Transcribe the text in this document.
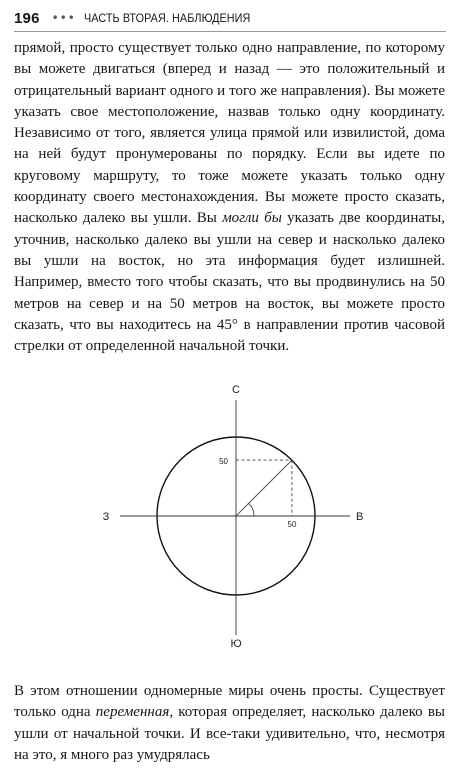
196 ••• ЧАСТЬ ВТОРАЯ. НАБЛЮДЕНИЯ

прямой, просто существует только одно направление, по которому вы можете двигаться (вперед и назад — это положительный и отрицательный вариант одного и того же направления). Вы можете указать свое местоположение, назвав только одну координату. Независимо от того, является улица прямой или извилистой, дома на ней будут пронумерованы по порядку. Если вы идете по круговому маршруту, то тоже можете указать только одну координату своего местонахождения. Вы можете просто сказать, насколько далеко вы ушли. Вы могли бы указать две координаты, уточнив, насколько далеко вы ушли на север и насколько далеко вы ушли на восток, но эта информация будет излишней. Например, вместо того чтобы сказать, что вы продвинулись на 50 метров на север и на 50 метров на восток, вы можете просто сказать, что вы находитесь на 45° в направлении против часовой стрелки от определенной начальной точки.

С
Ю
В
З
50
50

В этом отношении одномерные миры очень просты. Существует только одна переменная, которая определяет, насколько далеко вы ушли от начальной точки. И все-таки удивительно, что, несмотря на это, я много раз умудрялась
